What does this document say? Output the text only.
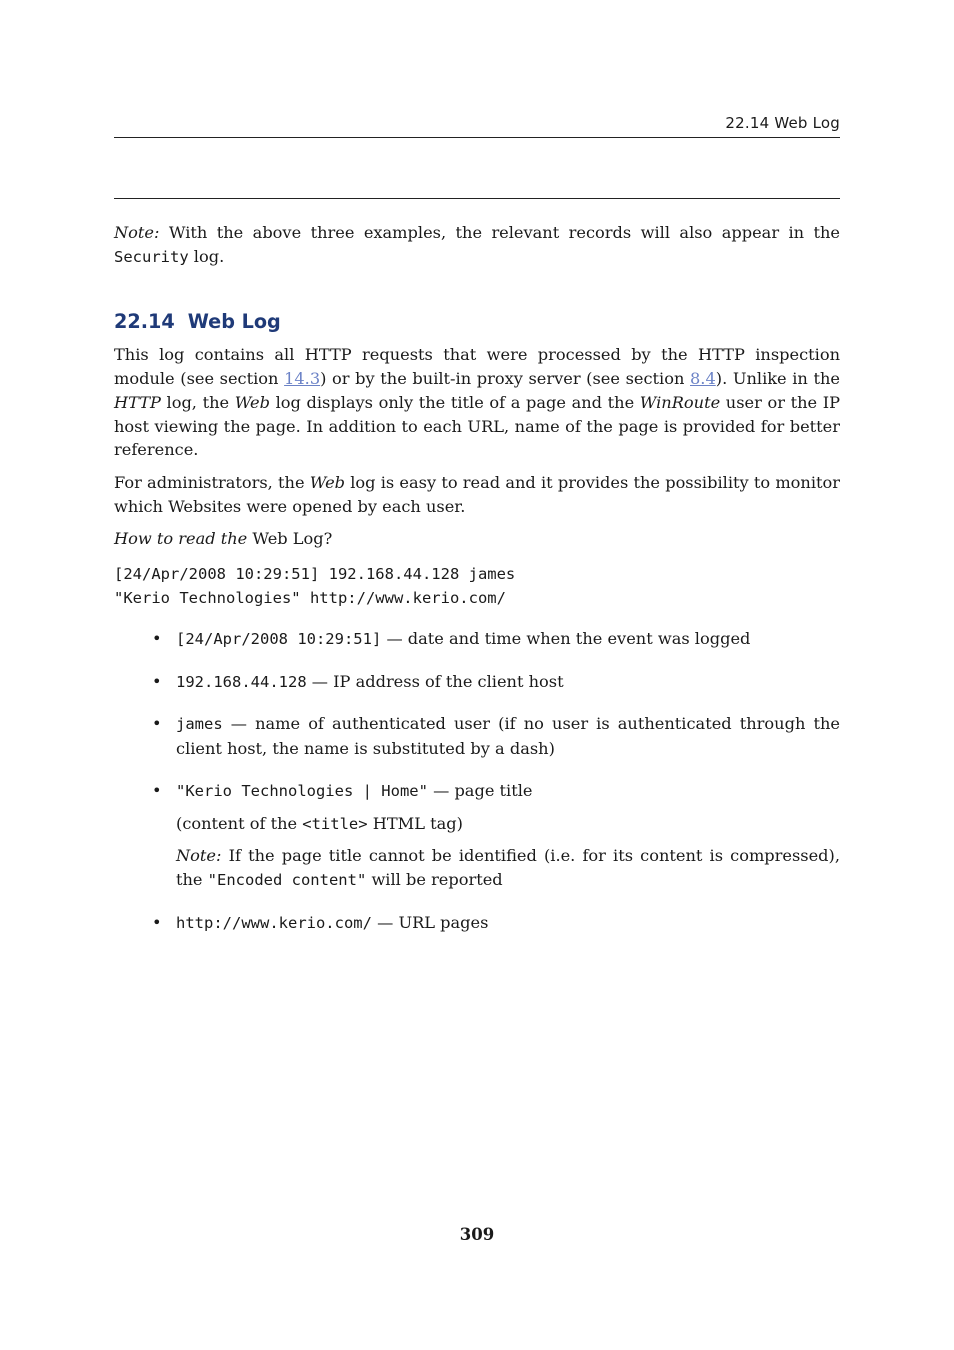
22.14 Web Log

Note: With the above three examples, the relevant records will also appear in the Security log.

22.14 Web Log

This log contains all HTTP requests that were processed by the HTTP inspection module (see section 14.3) or by the built-in proxy server (see section 8.4). Unlike in the HTTP log, the Web log displays only the title of a page and the WinRoute user or the IP host viewing the page. In addition to each URL, name of the page is provided for better reference.

For administrators, the Web log is easy to read and it provides the possibility to monitor which Websites were opened by each user.

How to read the Web Log?

[24/Apr/2008 10:29:51] 192.168.44.128 james
"Kerio Technologies" http://www.kerio.com/
• [24/Apr/2008 10:29:51] — date and time when the event was logged

• 192.168.44.128 — IP address of the client host

• james — name of authenticated user (if no user is authenticated through the client host, the name is substituted by a dash)

• "Kerio Technologies | Home" — page title

(content of the <title> HTML tag)

Note: If the page title cannot be identified (i.e. for its content is compressed), the "Encoded content" will be reported

• http://www.kerio.com/ — URL pages

309
